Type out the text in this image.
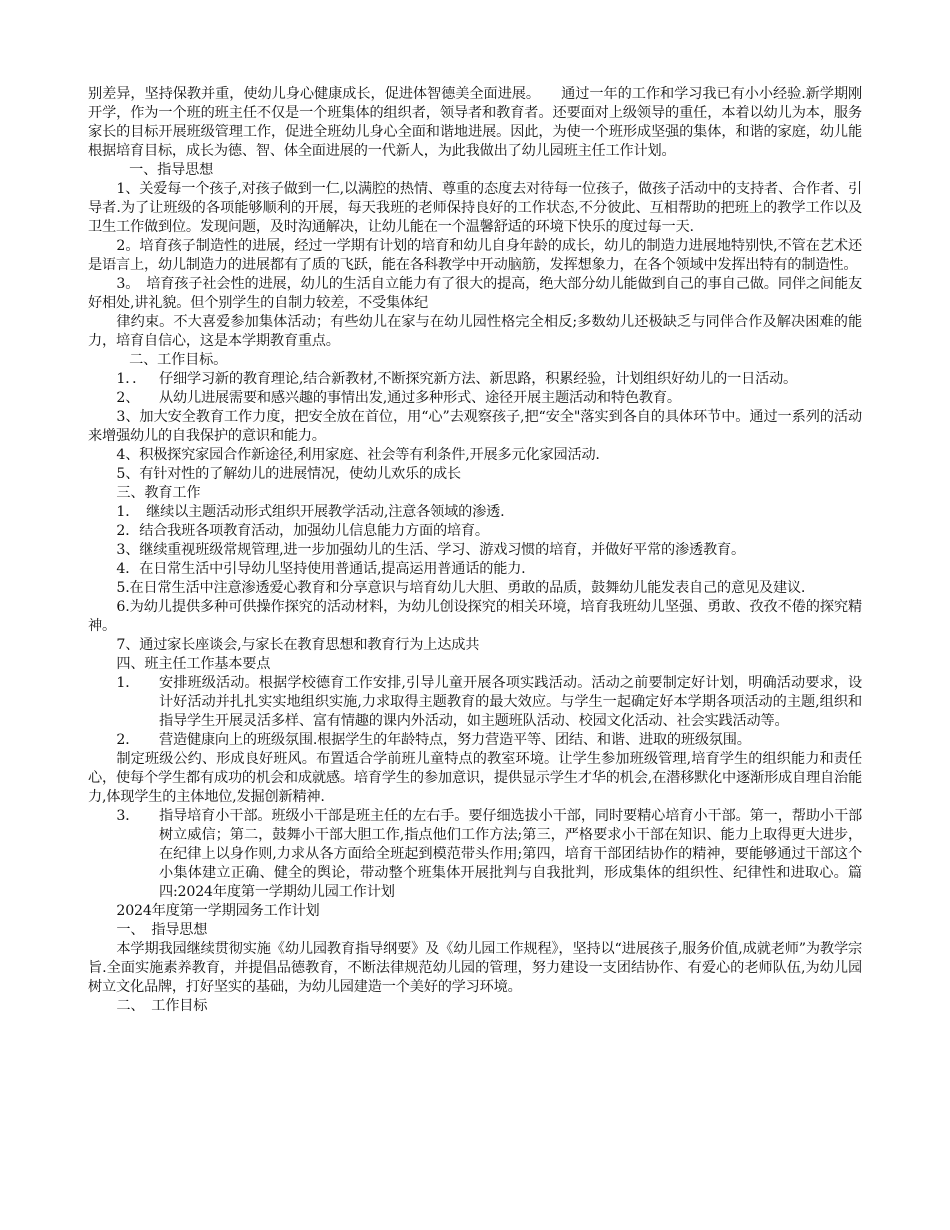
别差异，坚持保教并重，使幼儿身心健康成长，促进体智德美全面进展。　　通过一年的工作和学习我已有小小经验.新学期刚开学，作为一个班的班主任不仅是一个班集体的组织者，领导者和教育者。还要面对上级领导的重任，本着以幼儿为本，服务家长的目标开展班级管理工作，促进全班幼儿身心全面和谐地进展。因此，为使一个班形成坚强的集体，和谐的家庭，幼儿能根据培育目标，成长为德、智、体全面进展的一代新人，为此我做出了幼儿园班主任工作计划。

一、指导思想

1、关爱每一个孩子,对孩子做到一仁,以满腔的热情、尊重的态度去对待每一位孩子，做孩子活动中的支持者、合作者、引导者.为了让班级的各项能够顺利的开展，每天我班的老师保持良好的工作状态,不分彼此、互相帮助的把班上的教学工作以及卫生工作做到位。发现问题，及时沟通解决，让幼儿能在一个温馨舒适的环境下快乐的度过每一天.

2。培育孩子制造性的进展，经过一学期有计划的培育和幼儿自身年龄的成长，幼儿的制造力进展地特别快,不管在艺术还是语言上，幼儿制造力的进展都有了质的飞跃，能在各科教学中开动脑筋，发挥想象力，在各个领域中发挥出特有的制造性。

3。　培育孩子社会性的进展，幼儿的生活自立能力有了很大的提高，绝大部分幼儿能做到自己的事自己做。同伴之间能友好相处,讲礼貌。但个别学生的自制力较差，不受集体纪

律约束。不大喜爱参加集体活动；有些幼儿在家与在幼儿园性格完全相反;多数幼儿还极缺乏与同伴合作及解决困难的能力，培育自信心，这是本学期教育重点。

二、工作目标。

1．． 仔细学习新的教育理论,结合新教材,不断探究新方法、新思路，积累经验，计划组织好幼儿的一日活动。
2、	从幼儿进展需要和感兴趣的事情出发,通过多种形式、途径开展主题活动和特色教育。

3、加大安全教育工作力度，把安全放在首位，用“心”去观察孩子,把“安全"落实到各自的具体环节中。通过一系列的活动来增强幼儿的自我保护的意识和能力。

4、积极探究家园合作新途径,利用家庭、社会等有利条件,开展多元化家园活动.

5、有针对性的了解幼儿的进展情况，使幼儿欢乐的成长

三、教育工作

1．　继续以主题活动形式组织开展教学活动,注意各领域的渗透.

2．结合我班各项教育活动，加强幼儿信息能力方面的培育。

3、继续重视班级常规管理,进一步加强幼儿的生活、学习、游戏习惯的培育，并做好平常的渗透教育。

4．在日常生活中引导幼儿坚持使用普通话,提高运用普通话的能力.

5.在日常生活中注意渗透爱心教育和分享意识与培育幼儿大胆、勇敢的品质，鼓舞幼儿能发表自己的意见及建议.

6.为幼儿提供多种可供操作探究的活动材料，为幼儿创设探究的相关环境，培育我班幼儿坚强、勇敢、孜孜不倦的探究精神。

7、通过家长座谈会,与家长在教育思想和教育行为上达成共

四、班主任工作基本要点

1．	安排班级活动。根据学校德育工作安排,引导儿童开展各项实践活动。活动之前要制定好计划，明确活动要求，设计好活动并扎扎实实地组织实施,力求取得主题教育的最大效应。与学生一起确定好本学期各项活动的主题,组织和指导学生开展灵活多样、富有情趣的课内外活动，如主题班队活动、校园文化活动、社会实践活动等。
2．	营造健康向上的班级氛围.根据学生的年龄特点，努力营造平等、团结、和谐、进取的班级氛围。

制定班级公约、形成良好班风。布置适合学前班儿童特点的教室环境。让学生参加班级管理,培育学生的组织能力和责任心，使每个学生都有成功的机会和成就感。培育学生的参加意识，提供显示学生才华的机会,在潜移默化中逐渐形成自理自治能力,体现学生的主体地位,发掘创新精神.

3．	指导培育小干部。班级小干部是班主任的左右手。要仔细选拔小干部，同时要精心培育小干部。第一，帮助小干部树立威信；第二，鼓舞小干部大胆工作,指点他们工作方法;第三，严格要求小干部在知识、能力上取得更大进步，在纪律上以身作则,力求从各方面给全班起到模范带头作用;第四，培育干部团结协作的精神，要能够通过干部这个小集体建立正确、健全的舆论，带动整个班集体开展批判与自我批判，形成集体的组织性、纪律性和进取心。篇四:2024年度第一学期幼儿园工作计划

2024年度第一学期园务工作计划

一、　指导思想

本学期我园继续贯彻实施《幼儿园教育指导纲要》及《幼儿园工作规程》，坚持以“进展孩子,服务价值,成就老师”为教学宗旨.全面实施素养教育，并提倡品德教育，不断法律规范幼儿园的管理，努力建设一支团结协作、有爱心的老师队伍,为幼儿园树立文化品牌，打好坚实的基础，为幼儿园建造一个美好的学习环境。

二、　工作目标
